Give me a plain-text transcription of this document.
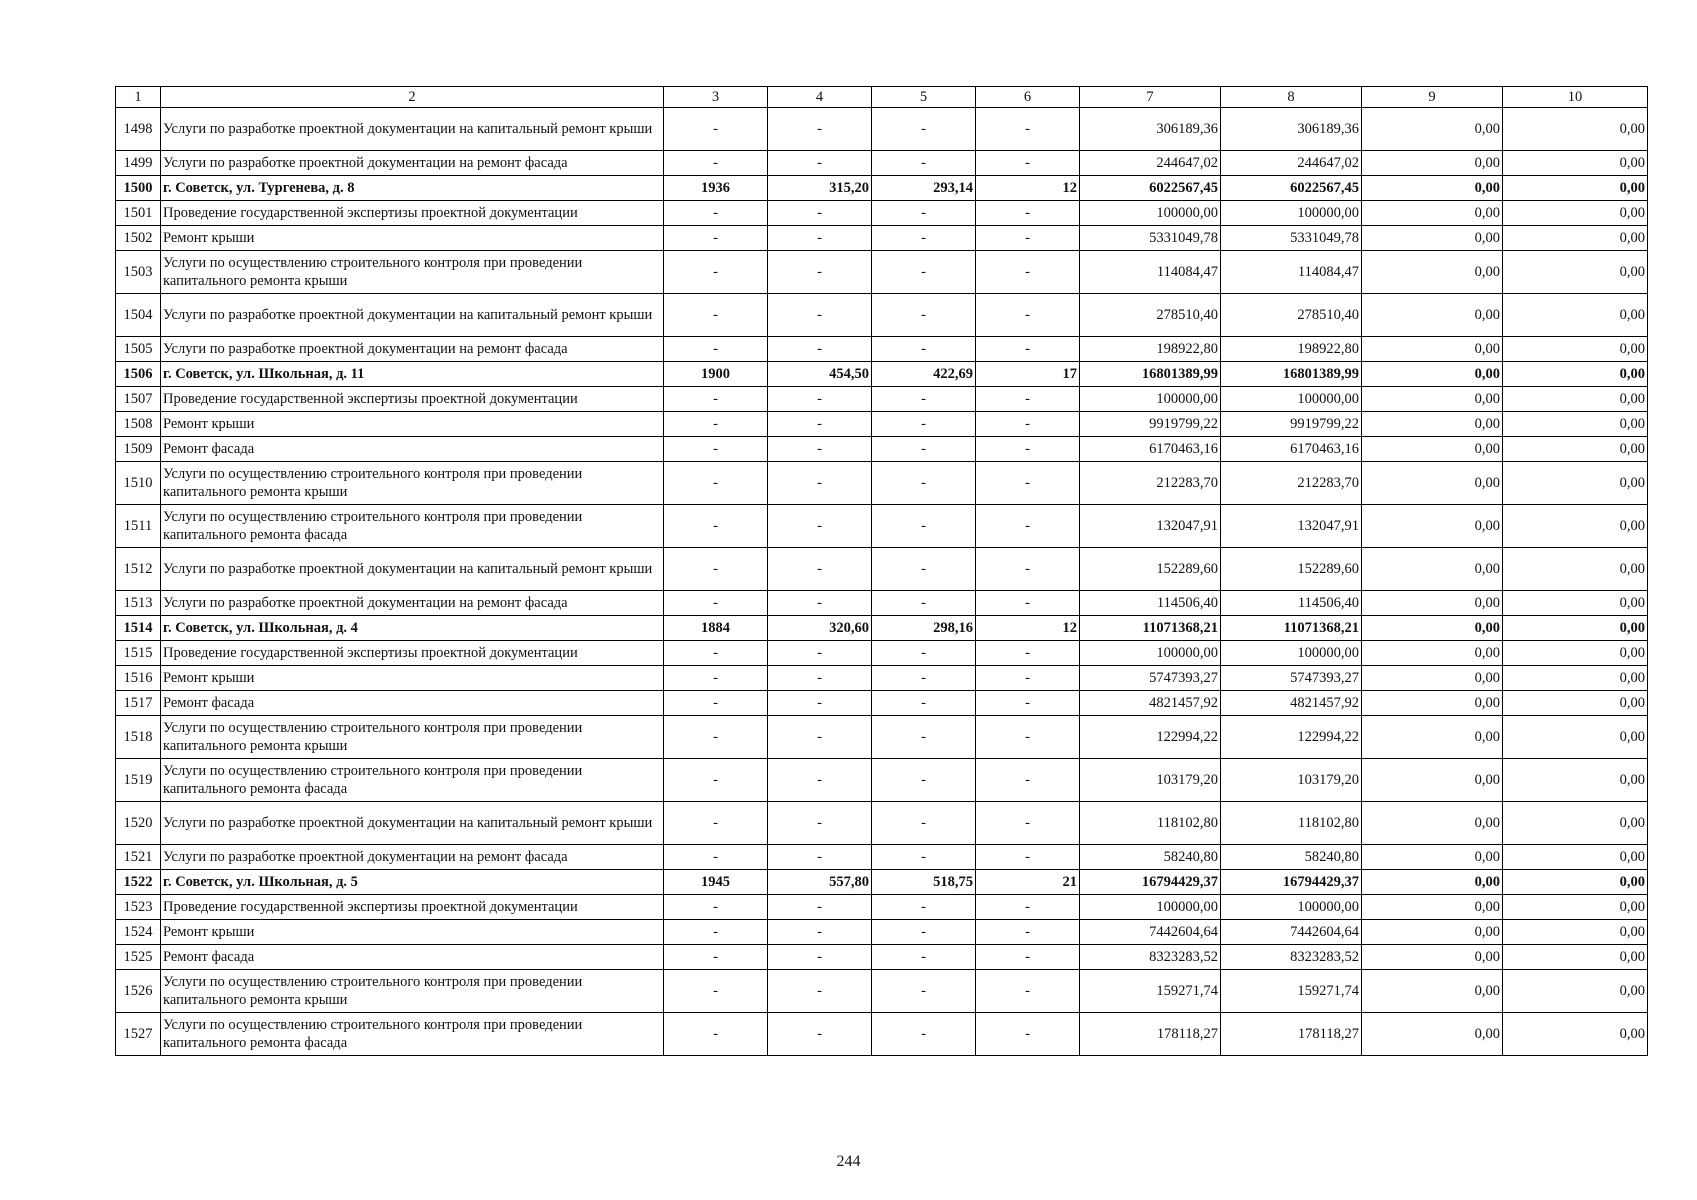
1	2	3	4	5	6	7	8	9	10
1498	Услуги по разработке проектной документации на капитальный ремонт крыши	-	-	-	-	306189,36	306189,36	0,00	0,00
1499	Услуги по разработке проектной документации на ремонт фасада	-	-	-	-	244647,02	244647,02	0,00	0,00
1500	г. Советск, ул. Тургенева, д. 8	1936	315,20	293,14	12	6022567,45	6022567,45	0,00	0,00
1501	Проведение государственной экспертизы проектной документации	-	-	-	-	100000,00	100000,00	0,00	0,00
1502	Ремонт крыши	-	-	-	-	5331049,78	5331049,78	0,00	0,00
1503	Услуги по осуществлению строительного контроля при проведении капитального ремонта крыши	-	-	-	-	114084,47	114084,47	0,00	0,00
1504	Услуги по разработке проектной документации на капитальный ремонт крыши	-	-	-	-	278510,40	278510,40	0,00	0,00
1505	Услуги по разработке проектной документации на ремонт фасада	-	-	-	-	198922,80	198922,80	0,00	0,00
1506	г. Советск, ул. Школьная, д. 11	1900	454,50	422,69	17	16801389,99	16801389,99	0,00	0,00
1507	Проведение государственной экспертизы проектной документации	-	-	-	-	100000,00	100000,00	0,00	0,00
1508	Ремонт крыши	-	-	-	-	9919799,22	9919799,22	0,00	0,00
1509	Ремонт фасада	-	-	-	-	6170463,16	6170463,16	0,00	0,00
1510	Услуги по осуществлению строительного контроля при проведении капитального ремонта крыши	-	-	-	-	212283,70	212283,70	0,00	0,00
1511	Услуги по осуществлению строительного контроля при проведении капитального ремонта фасада	-	-	-	-	132047,91	132047,91	0,00	0,00
1512	Услуги по разработке проектной документации на капитальный ремонт крыши	-	-	-	-	152289,60	152289,60	0,00	0,00
1513	Услуги по разработке проектной документации на ремонт фасада	-	-	-	-	114506,40	114506,40	0,00	0,00
1514	г. Советск, ул. Школьная, д. 4	1884	320,60	298,16	12	11071368,21	11071368,21	0,00	0,00
1515	Проведение государственной экспертизы проектной документации	-	-	-	-	100000,00	100000,00	0,00	0,00
1516	Ремонт крыши	-	-	-	-	5747393,27	5747393,27	0,00	0,00
1517	Ремонт фасада	-	-	-	-	4821457,92	4821457,92	0,00	0,00
1518	Услуги по осуществлению строительного контроля при проведении капитального ремонта крыши	-	-	-	-	122994,22	122994,22	0,00	0,00
1519	Услуги по осуществлению строительного контроля при проведении капитального ремонта фасада	-	-	-	-	103179,20	103179,20	0,00	0,00
1520	Услуги по разработке проектной документации на капитальный ремонт крыши	-	-	-	-	118102,80	118102,80	0,00	0,00
1521	Услуги по разработке проектной документации на ремонт фасада	-	-	-	-	58240,80	58240,80	0,00	0,00
1522	г. Советск, ул. Школьная, д. 5	1945	557,80	518,75	21	16794429,37	16794429,37	0,00	0,00
1523	Проведение государственной экспертизы проектной документации	-	-	-	-	100000,00	100000,00	0,00	0,00
1524	Ремонт крыши	-	-	-	-	7442604,64	7442604,64	0,00	0,00
1525	Ремонт фасада	-	-	-	-	8323283,52	8323283,52	0,00	0,00
1526	Услуги по осуществлению строительного контроля при проведении капитального ремонта крыши	-	-	-	-	159271,74	159271,74	0,00	0,00
1527	Услуги по осуществлению строительного контроля при проведении капитального ремонта фасада	-	-	-	-	178118,27	178118,27	0,00	0,00
244
